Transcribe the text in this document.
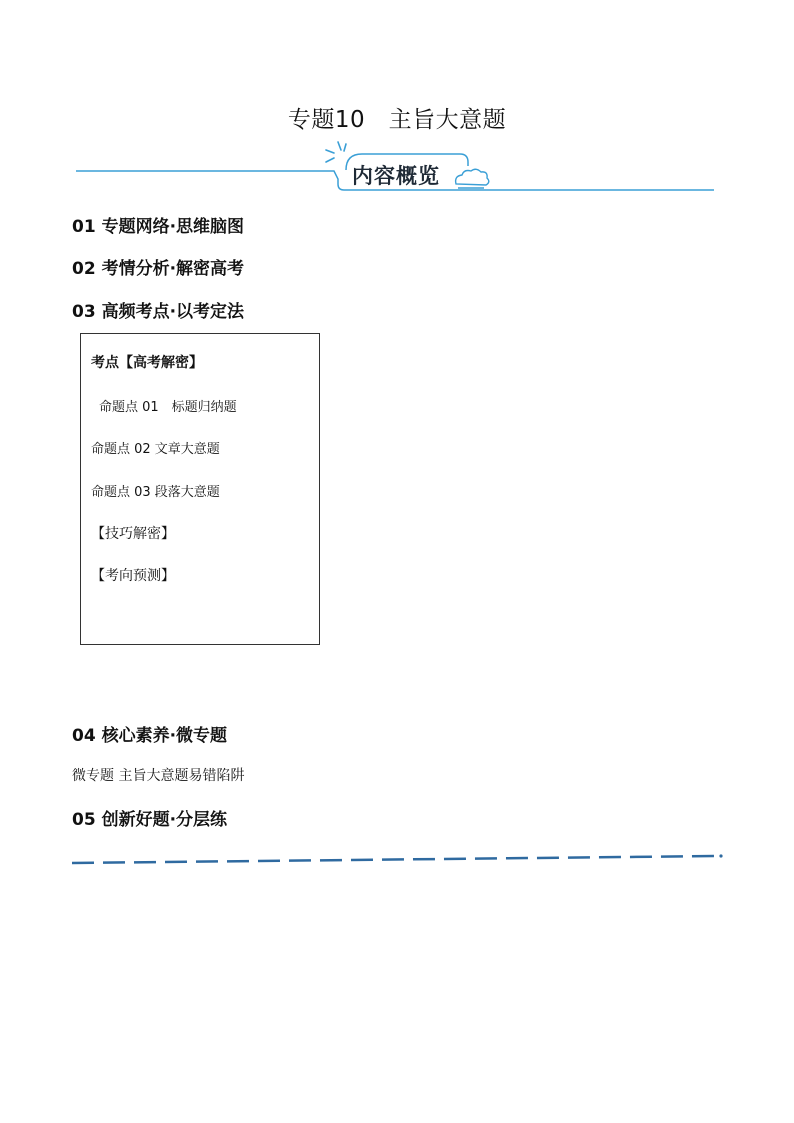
专题10　主旨大意题
内容概览
01 专题网络·思维脑图
02 考情分析·解密高考
03 高频考点·以考定法
考点【高考解密】
命题点 01　标题归纳题
命题点 02 文章大意题
命题点 03 段落大意题
【技巧解密】
【考向预测】
04 核心素养·微专题
微专题 主旨大意题易错陷阱
05 创新好题·分层练
